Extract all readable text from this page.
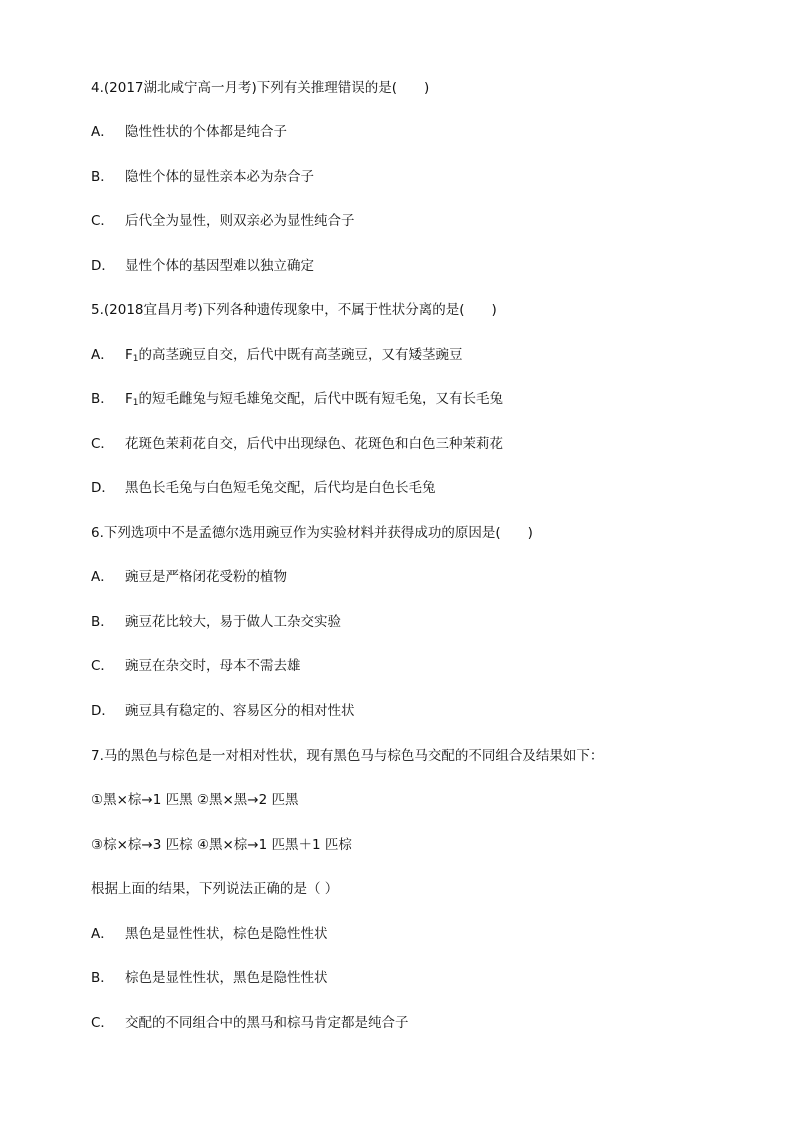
4.(2017湖北咸宁高一月考)下列有关推理错误的是(　　)
A． 隐性性状的个体都是纯合子
B． 隐性个体的显性亲本必为杂合子
C． 后代全为显性，则双亲必为显性纯合子
D． 显性个体的基因型难以独立确定
5.(2018宜昌月考)下列各种遗传现象中，不属于性状分离的是(　　)
A． $F_1$的高茎豌豆自交，后代中既有高茎豌豆，又有矮茎豌豆
B． $F_1$的短毛雌兔与短毛雄兔交配，后代中既有短毛兔，又有长毛兔
C． 花斑色茉莉花自交，后代中出现绿色、花斑色和白色三种茉莉花
D． 黑色长毛兔与白色短毛兔交配，后代均是白色长毛兔
6.下列选项中不是孟德尔选用豌豆作为实验材料并获得成功的原因是(　　)
A． 豌豆是严格闭花受粉的植物
B． 豌豆花比较大，易于做人工杂交实验
C． 豌豆在杂交时，母本不需去雄
D． 豌豆具有稳定的、容易区分的相对性状
7.马的黑色与棕色是一对相对性状，现有黑色马与棕色马交配的不同组合及结果如下：
①黑×棕→1 匹黑 ②黑×黑→2 匹黑
③棕×棕→3 匹棕 ④黑×棕→1 匹黑＋1 匹棕
根据上面的结果，下列说法正确的是（ ）
A． 黑色是显性性状，棕色是隐性性状
B． 棕色是显性性状，黑色是隐性性状
C． 交配的不同组合中的黑马和棕马肯定都是纯合子
